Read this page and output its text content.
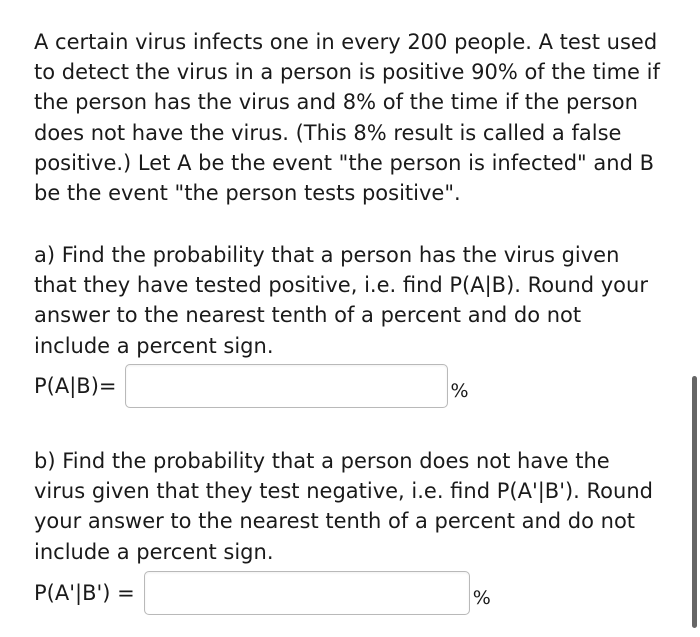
A certain virus infects one in every 200 people. A test used
to detect the virus in a person is positive 90% of the time if
the person has the virus and 8% of the time if the person
does not have the virus. (This 8% result is called a false
positive.) Let A be the event "the person is infected" and B
be the event "the person tests positive".
a) Find the probability that a person has the virus given
that they have tested positive, i.e. find P(A|B). Round your
answer to the nearest tenth of a percent and do not
include a percent sign.
P(A|B)=	%
b) Find the probability that a person does not have the
virus given that they test negative, i.e. find P(A'|B'). Round
your answer to the nearest tenth of a percent and do not
include a percent sign.
P(A'|B') =	%
